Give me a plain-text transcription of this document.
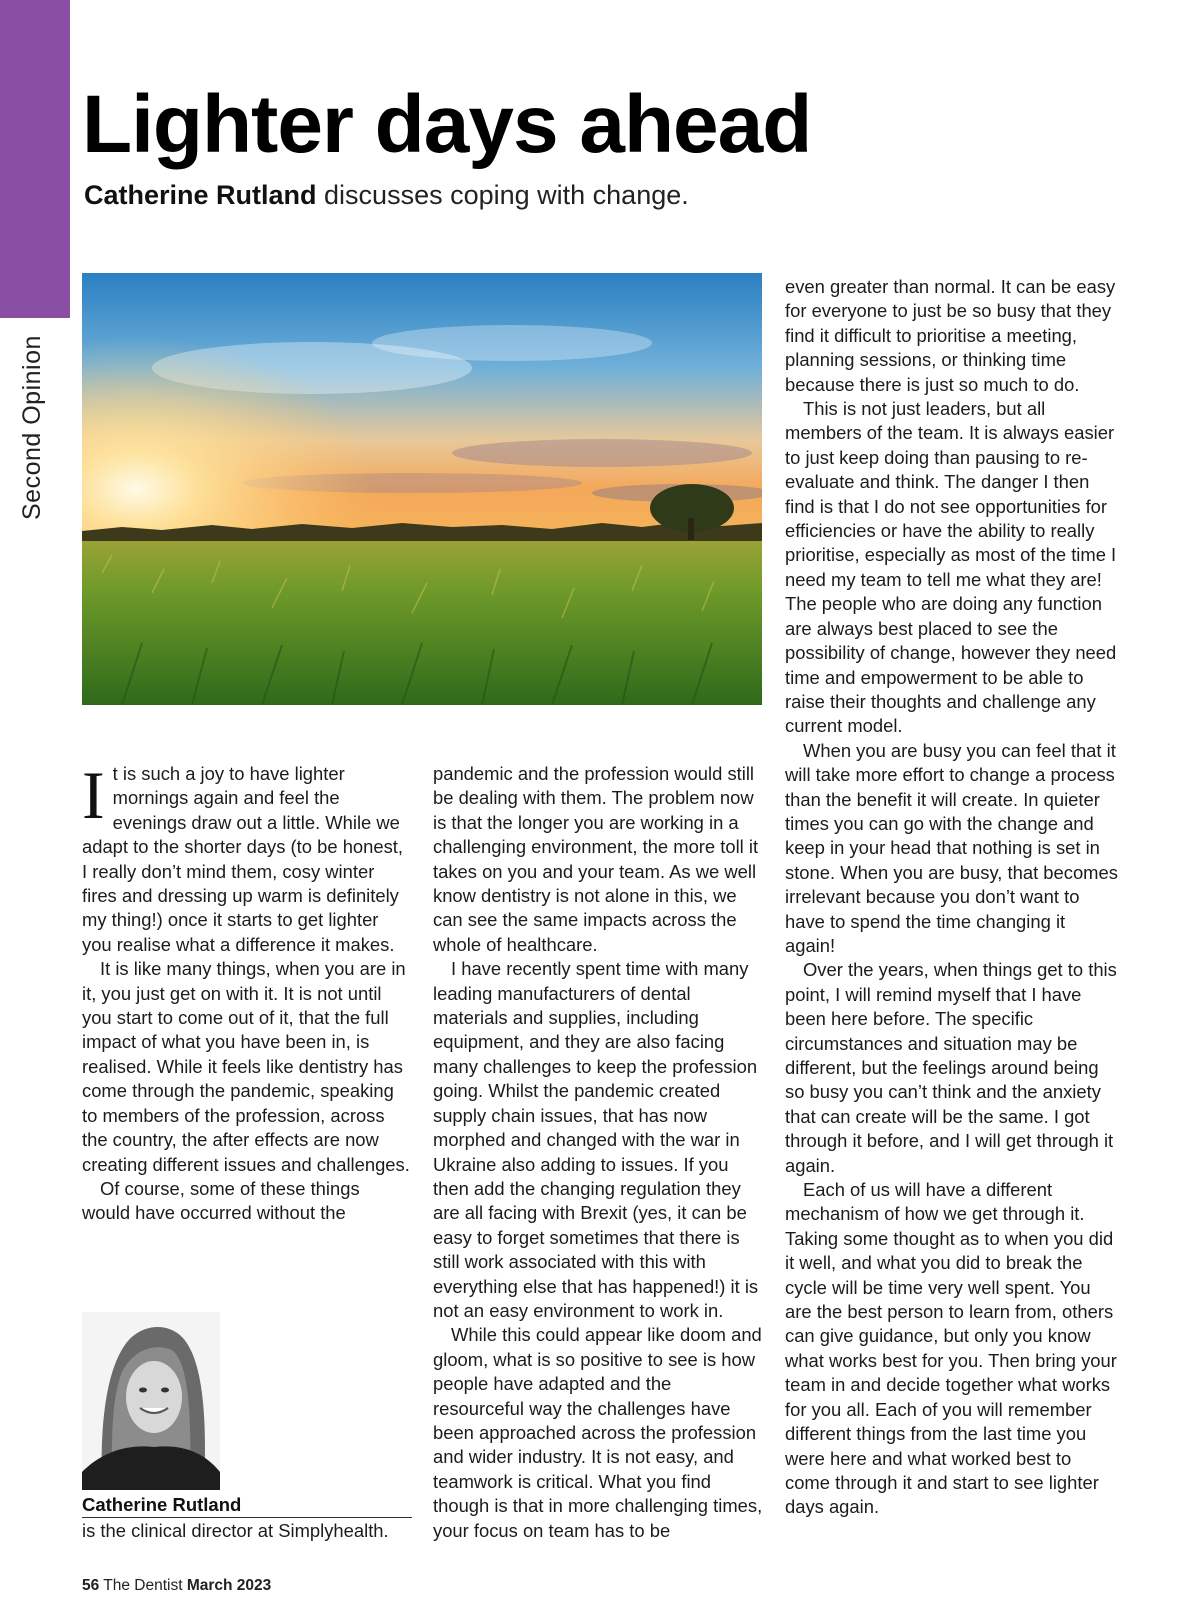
Second Opinion
Lighter days ahead
Catherine Rutland discusses coping with change.

It is such a joy to have lighter mornings again and feel the evenings draw out a little. While we adapt to the shorter days (to be honest, I really don’t mind them, cosy winter fires and dressing up warm is definitely my thing!) once it starts to get lighter you realise what a difference it makes.

It is like many things, when you are in it, you just get on with it. It is not until you start to come out of it, that the full impact of what you have been in, is realised. While it feels like dentistry has come through the pandemic, speaking to members of the profession, across the country, the after effects are now creating different issues and challenges.

Of course, some of these things would have occurred without the

pandemic and the profession would still be dealing with them. The problem now is that the longer you are working in a challenging environment, the more toll it takes on you and your team. As we well know dentistry is not alone in this, we can see the same impacts across the whole of healthcare.

I have recently spent time with many leading manufacturers of dental materials and supplies, including equipment, and they are also facing many challenges to keep the profession going. Whilst the pandemic created supply chain issues, that has now morphed and changed with the war in Ukraine also adding to issues. If you then add the changing regulation they are all facing with Brexit (yes, it can be easy to forget sometimes that there is still work associated with this with everything else that has happened!) it is not an easy environment to work in.

While this could appear like doom and gloom, what is so positive to see is how people have adapted and the resourceful way the challenges have been approached across the profession and wider industry. It is not easy, and teamwork is critical. What you find though is that in more challenging times, your focus on team has to be

even greater than normal. It can be easy for everyone to just be so busy that they find it difficult to prioritise a meeting, planning sessions, or thinking time because there is just so much to do.

This is not just leaders, but all members of the team. It is always easier to just keep doing than pausing to re-evaluate and think. The danger I then find is that I do not see opportunities for efficiencies or have the ability to really prioritise, especially as most of the time I need my team to tell me what they are! The people who are doing any function are always best placed to see the possibility of change, however they need time and empowerment to be able to raise their thoughts and challenge any current model.

When you are busy you can feel that it will take more effort to change a process than the benefit it will create. In quieter times you can go with the change and keep in your head that nothing is set in stone. When you are busy, that becomes irrelevant because you don’t want to have to spend the time changing it again!

Over the years, when things get to this point, I will remind myself that I have been here before. The specific circumstances and situation may be different, but the feelings around being so busy you can’t think and the anxiety that can create will be the same. I got through it before, and I will get through it again.

Each of us will have a different mechanism of how we get through it. Taking some thought as to when you did it well, and what you did to break the cycle will be time very well spent. You are the best person to learn from, others can give guidance, but only you know what works best for you. Then bring your team in and decide together what works for you all. Each of you will remember different things from the last time you were here and what worked best to come through it and start to see lighter days again.

Catherine Rutland
is the clinical director at Simplyhealth.
56 The Dentist March 2023
